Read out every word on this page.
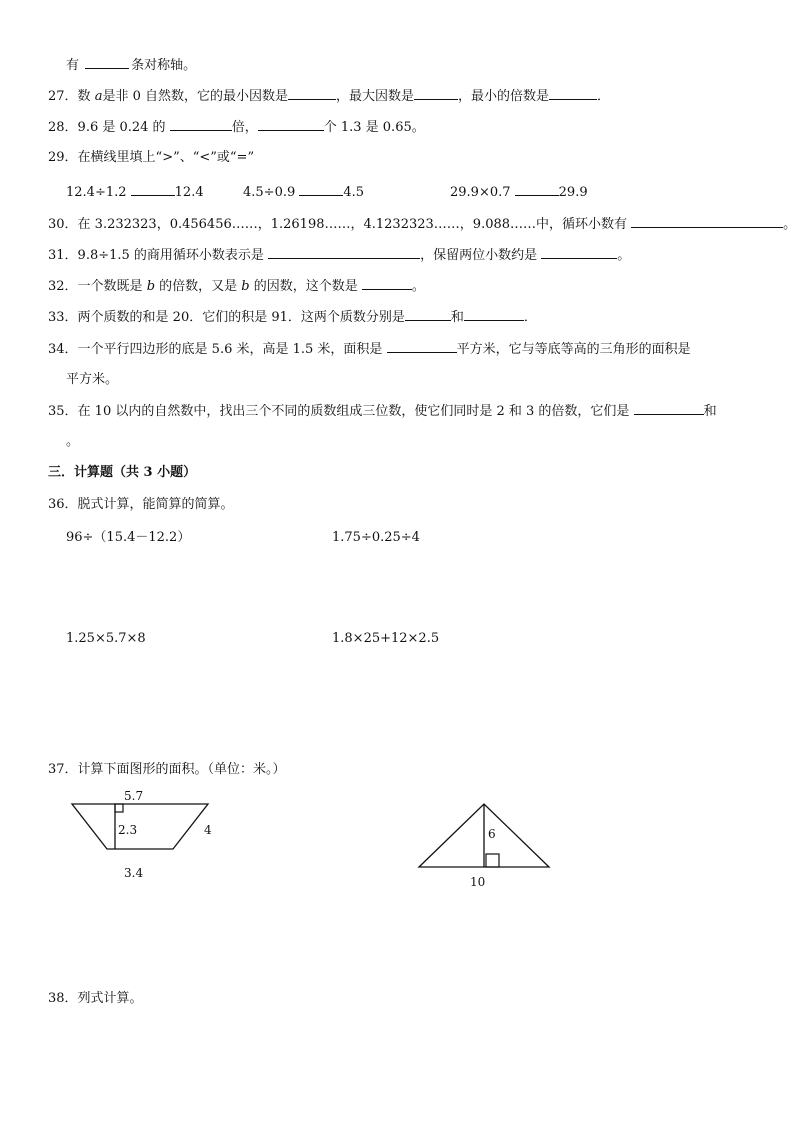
有	条对称轴。
27．数 a是非 0 自然数，它的最小因数是	，最大因数是	，最小的倍数是	．
28．9.6 是 0.24 的	倍，	个 1.3 是 0.65。
29．在横线里填上“>”、“<”或“=”
12.4÷1.2	12.4	4.5÷0.9	4.5	29.9×0.7	29.9
30．在 3.232323，0.456456……，1.26198……，4.1232323……，9.088……中，循环小数有	。
31．9.8÷1.5 的商用循环小数表示是	，保留两位小数约是	。
32．一个数既是 b 的倍数，又是 b 的因数，这个数是	。
33．两个质数的和是 20．它们的积是 91．这两个质数分别是	和	．
34．一个平行四边形的底是 5.6 米，高是 1.5 米，面积是	平方米，它与等底等高的三角形的面积是
平方米。
35．在 10 以内的自然数中，找出三个不同的质数组成三位数，使它们同时是 2 和 3 的倍数，它们是	和
。
三．计算题（共 3 小题）
36．脱式计算，能简算的简算。
96÷（15.4－12.2）	1.75÷0.25÷4
1.25×5.7×8	1.8×25+12×2.5
37．计算下面图形的面积。（单位：米。）
5.7
2.3	4
3.4
6
10
38．列式计算。
